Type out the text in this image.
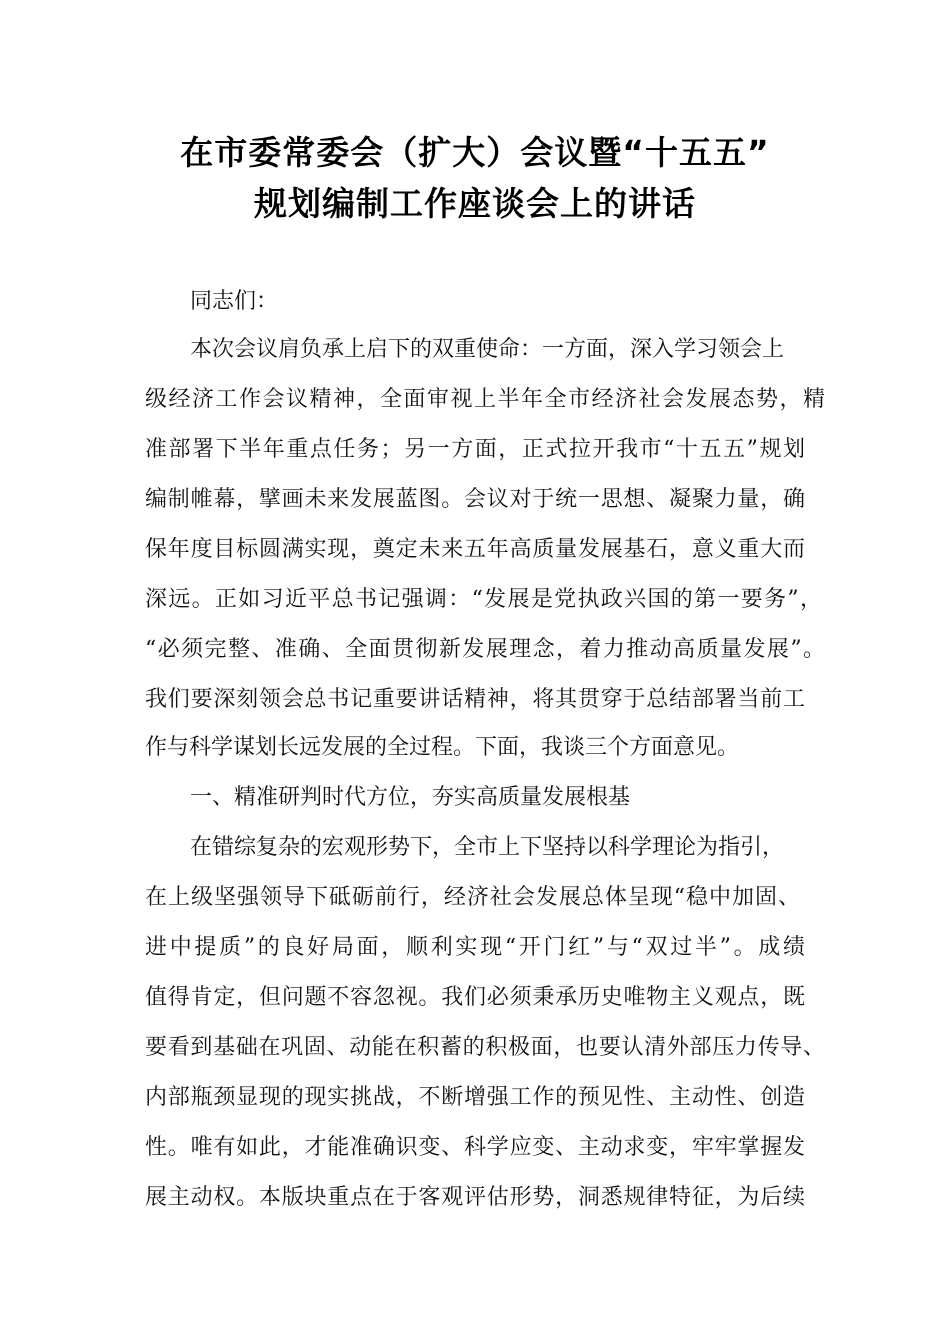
在市委常委会（扩大）会议暨“十五五”
规划编制工作座谈会上的讲话
同志们：
本次会议肩负承上启下的双重使命：一方面，深入学习领会上
级经济工作会议精神，全面审视上半年全市经济社会发展态势，精
准部署下半年重点任务；另一方面，正式拉开我市“十五五”规划
编制帷幕，擘画未来发展蓝图。会议对于统一思想、凝聚力量，确
保年度目标圆满实现，奠定未来五年高质量发展基石，意义重大而
深远。正如习近平总书记强调：“发展是党执政兴国的第一要务”，
“必须完整、准确、全面贯彻新发展理念，着力推动高质量发展”。
我们要深刻领会总书记重要讲话精神，将其贯穿于总结部署当前工
作与科学谋划长远发展的全过程。下面，我谈三个方面意见。
一、精准研判时代方位，夯实高质量发展根基
在错综复杂的宏观形势下，全市上下坚持以科学理论为指引，
在上级坚强领导下砥砺前行，经济社会发展总体呈现“稳中加固、
进中提质”的良好局面，顺利实现“开门红”与“双过半”。成绩
值得肯定，但问题不容忽视。我们必须秉承历史唯物主义观点，既
要看到基础在巩固、动能在积蓄的积极面，也要认清外部压力传导、
内部瓶颈显现的现实挑战，不断增强工作的预见性、主动性、创造
性。唯有如此，才能准确识变、科学应变、主动求变，牢牢掌握发
展主动权。本版块重点在于客观评估形势，洞悉规律特征，为后续
